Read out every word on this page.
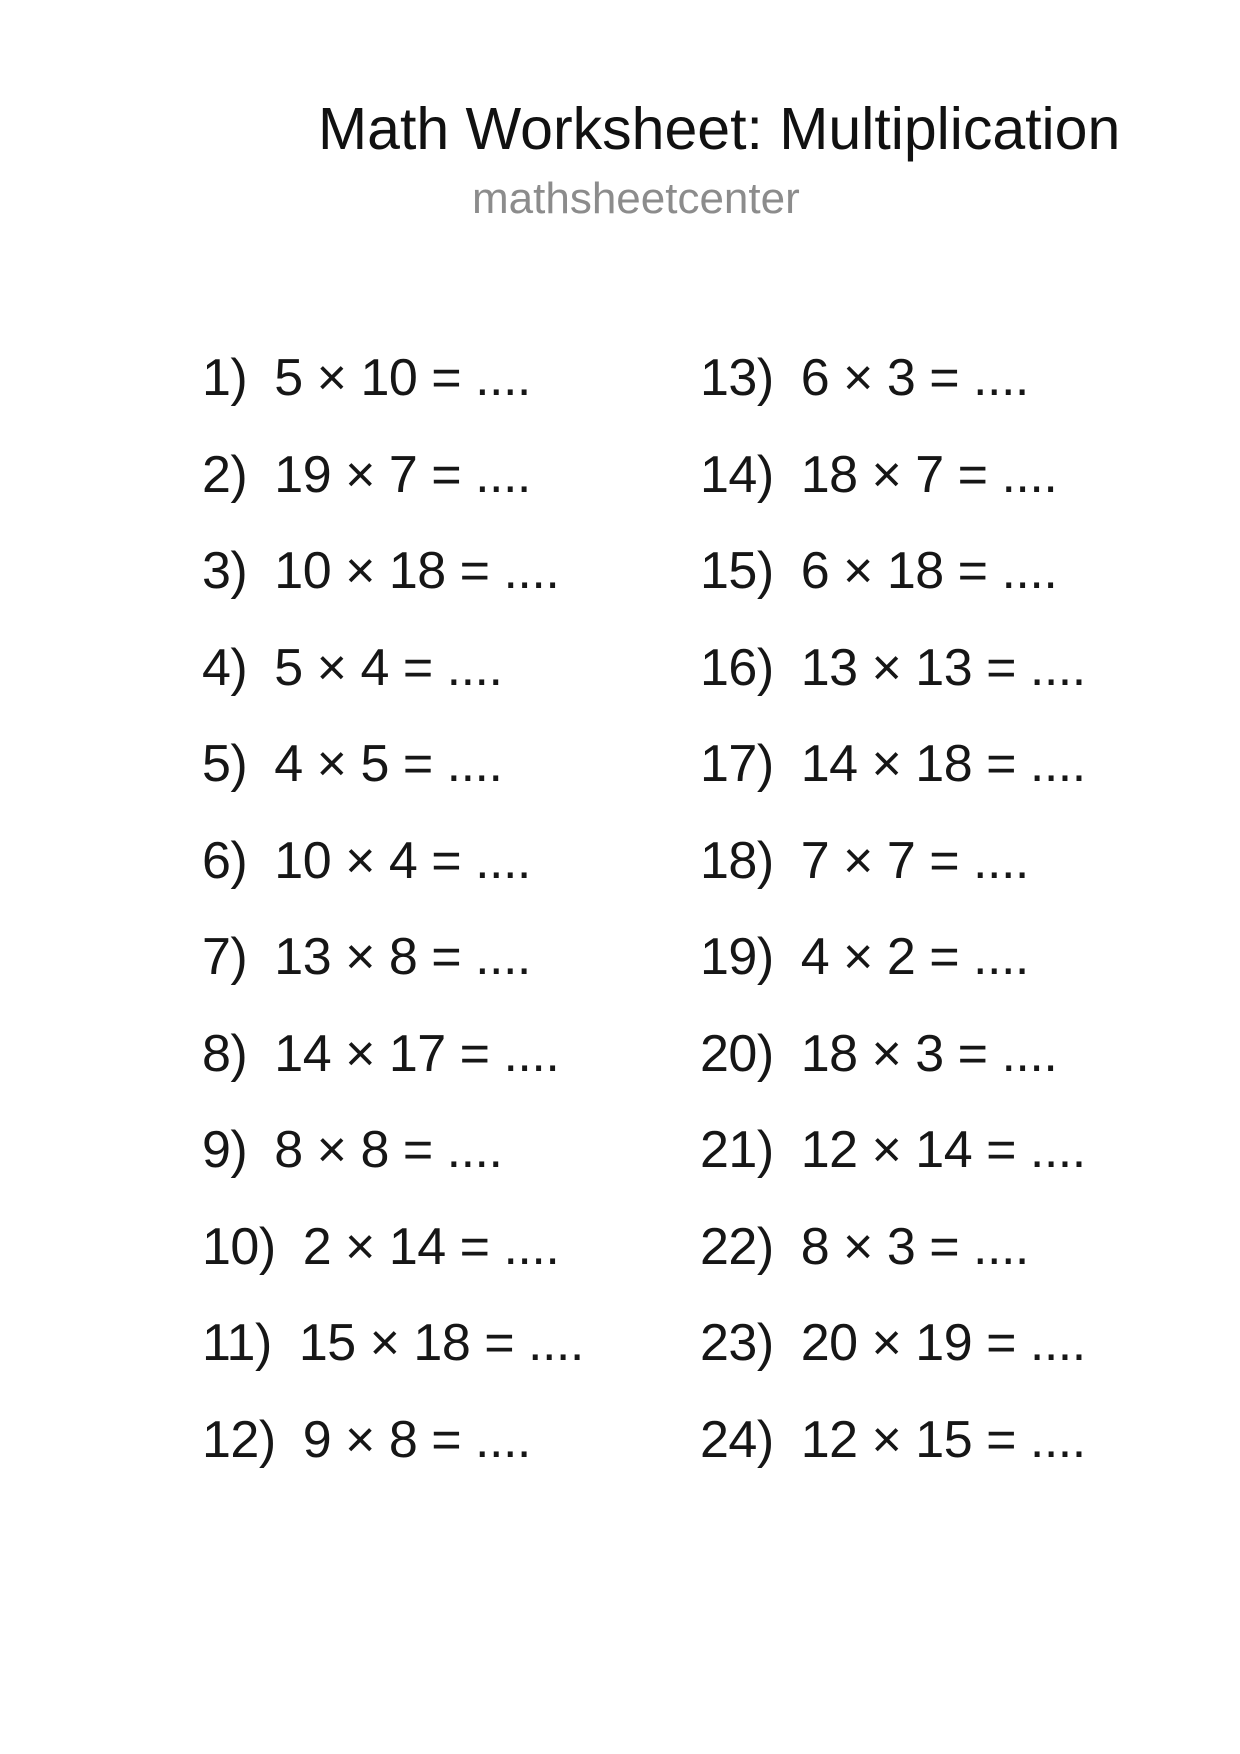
Math Worksheet: Multiplication
mathsheetcenter
1) 5 × 10 = ....
2) 19 × 7 = ....
3) 10 × 18 = ....
4) 5 × 4 = ....
5) 4 × 5 = ....
6) 10 × 4 = ....
7) 13 × 8 = ....
8) 14 × 17 = ....
9) 8 × 8 = ....
10) 2 × 14 = ....
11) 15 × 18 = ....
12) 9 × 8 = ....
13) 6 × 3 = ....
14) 18 × 7 = ....
15) 6 × 18 = ....
16) 13 × 13 = ....
17) 14 × 18 = ....
18) 7 × 7 = ....
19) 4 × 2 = ....
20) 18 × 3 = ....
21) 12 × 14 = ....
22) 8 × 3 = ....
23) 20 × 19 = ....
24) 12 × 15 = ....
